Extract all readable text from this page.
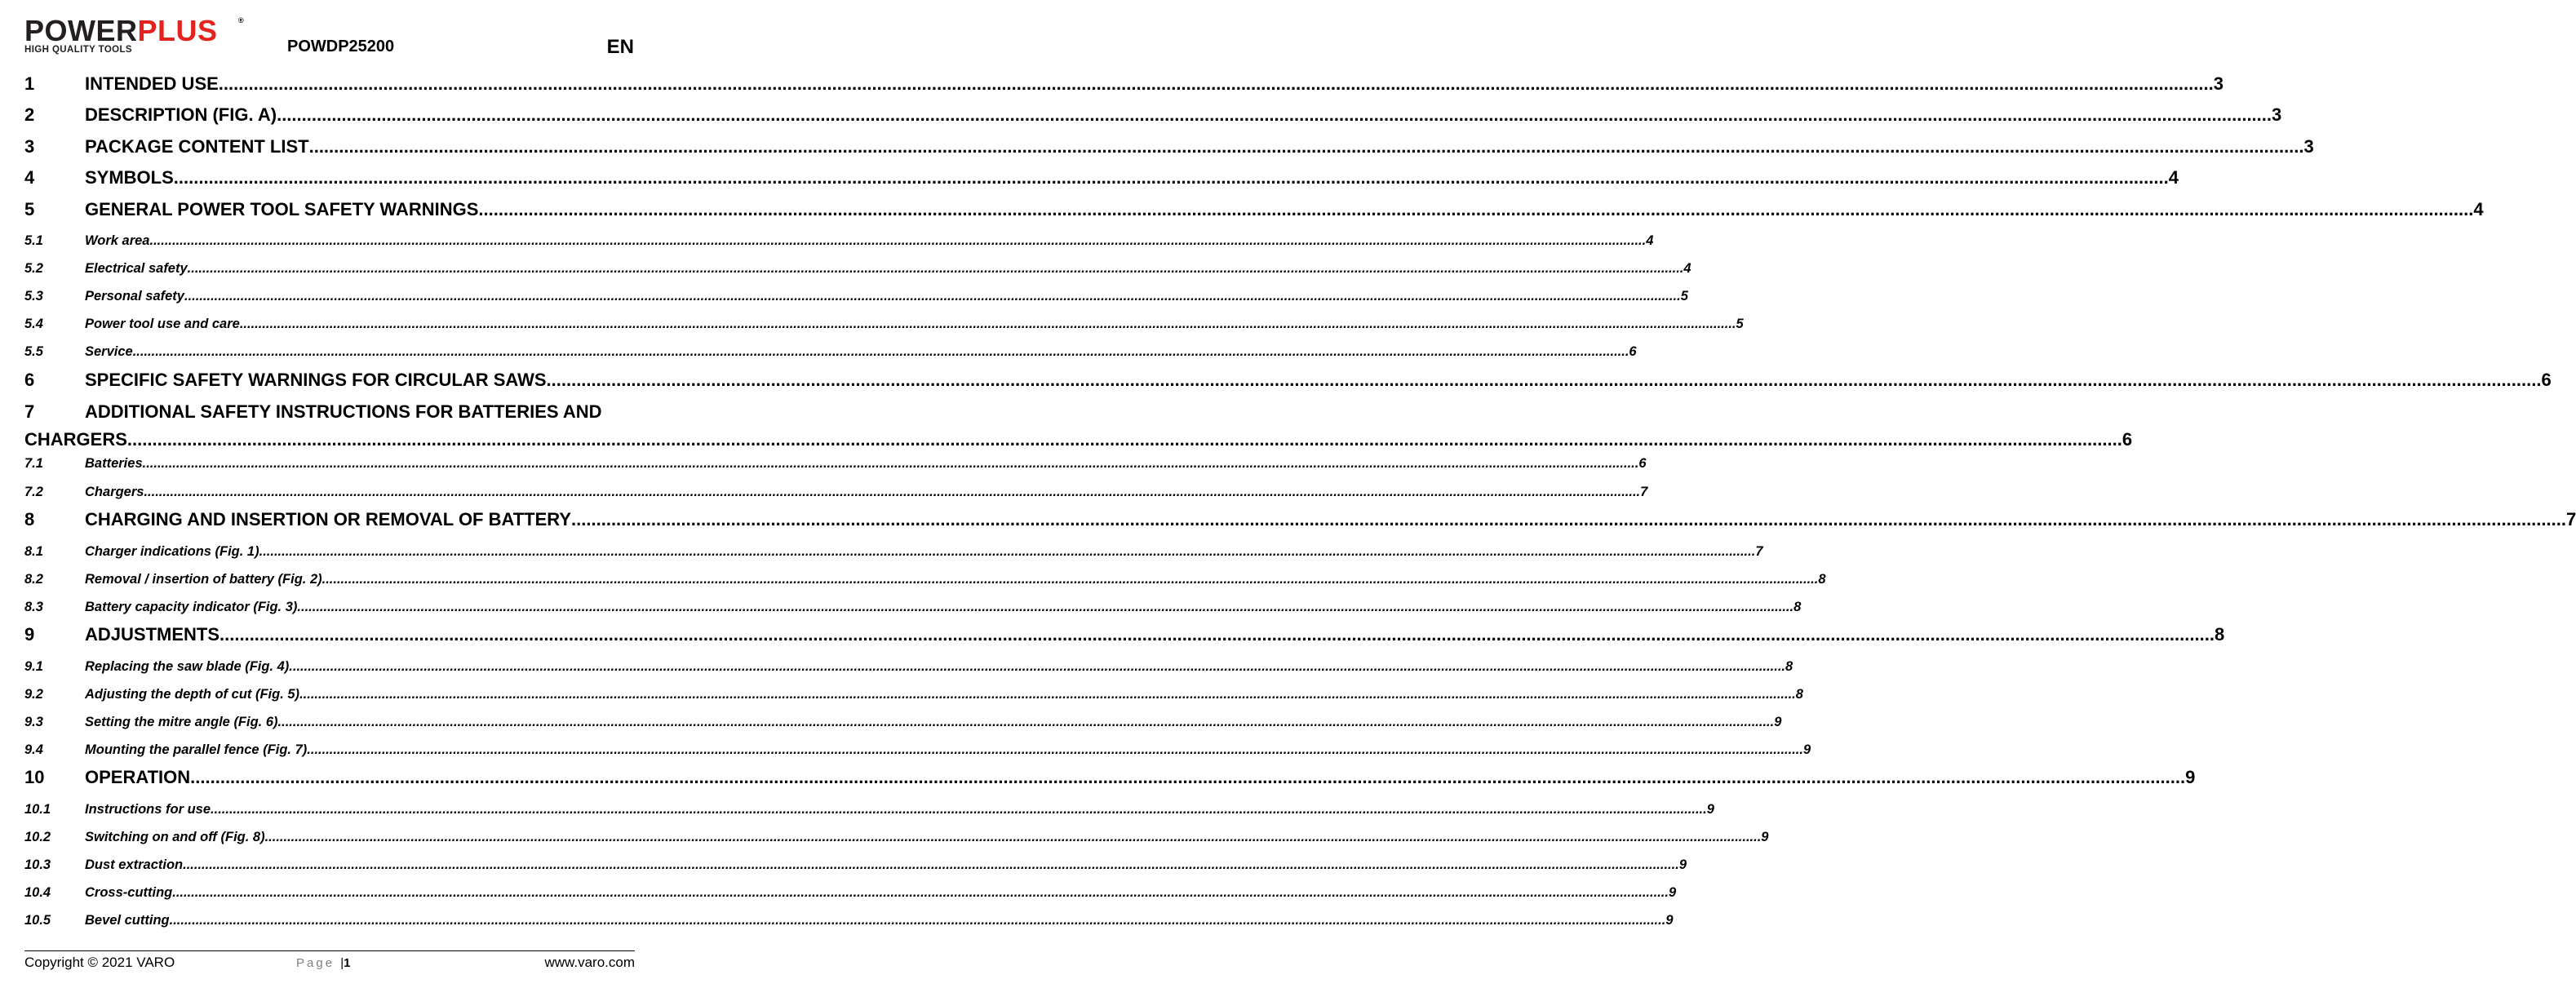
POWERPLUS	®
HIGH QUALITY TOOLS	POWDP25200	EN
1	INTENDED USE ................................................................................................................................................................................................................................................................................................................................................................................................................ 3
2	DESCRIPTION (FIG. A) ................................................................................................................................................................................................................................................................................................................................................................................................................ 3
3	PACKAGE CONTENT LIST ................................................................................................................................................................................................................................................................................................................................................................................................................ 3
4	SYMBOLS ................................................................................................................................................................................................................................................................................................................................................................................................................ 4
5	GENERAL POWER TOOL SAFETY WARNINGS ................................................................................................................................................................................................................................................................................................................................................................................................................ 4
5.1	Work area ................................................................................................................................................................................................................................................................................................................................................................................................................ 4
5.2	Electrical safety ................................................................................................................................................................................................................................................................................................................................................................................................................ 4
5.3	Personal safety ................................................................................................................................................................................................................................................................................................................................................................................................................ 5
5.4	Power tool use and care ................................................................................................................................................................................................................................................................................................................................................................................................................ 5
5.5	Service ................................................................................................................................................................................................................................................................................................................................................................................................................ 6
6	SPECIFIC SAFETY WARNINGS FOR CIRCULAR SAWS ................................................................................................................................................................................................................................................................................................................................................................................................................ 6
7	ADDITIONAL SAFETY INSTRUCTIONS FOR BATTERIES AND
CHARGERS ................................................................................................................................................................................................................................................................................................................................................................................................................ 6
7.1	Batteries ................................................................................................................................................................................................................................................................................................................................................................................................................ 6
7.2	Chargers ................................................................................................................................................................................................................................................................................................................................................................................................................ 7
8	CHARGING AND INSERTION OR REMOVAL OF BATTERY ................................................................................................................................................................................................................................................................................................................................................................................................................ 7
8.1	Charger indications (Fig. 1) ................................................................................................................................................................................................................................................................................................................................................................................................................ 7
8.2	Removal / insertion of battery (Fig. 2) ................................................................................................................................................................................................................................................................................................................................................................................................................ 8
8.3	Battery capacity indicator (Fig. 3) ................................................................................................................................................................................................................................................................................................................................................................................................................ 8
9	ADJUSTMENTS ................................................................................................................................................................................................................................................................................................................................................................................................................ 8
9.1	Replacing the saw blade (Fig. 4) ................................................................................................................................................................................................................................................................................................................................................................................................................ 8
9.2	Adjusting the depth of cut (Fig. 5) ................................................................................................................................................................................................................................................................................................................................................................................................................ 8
9.3	Setting the mitre angle (Fig. 6) ................................................................................................................................................................................................................................................................................................................................................................................................................ 9
9.4	Mounting the parallel fence (Fig. 7) ................................................................................................................................................................................................................................................................................................................................................................................................................ 9
10	OPERATION ................................................................................................................................................................................................................................................................................................................................................................................................................ 9
10.1	Instructions for use ................................................................................................................................................................................................................................................................................................................................................................................................................ 9
10.2	Switching on and off (Fig. 8) ................................................................................................................................................................................................................................................................................................................................................................................................................ 9
10.3	Dust extraction ................................................................................................................................................................................................................................................................................................................................................................................................................ 9
10.4	Cross-cutting ................................................................................................................................................................................................................................................................................................................................................................................................................ 9
10.5	Bevel cutting ................................................................................................................................................................................................................................................................................................................................................................................................................ 9
Copyright © 2021 VARO	Page |1	www.varo.com
